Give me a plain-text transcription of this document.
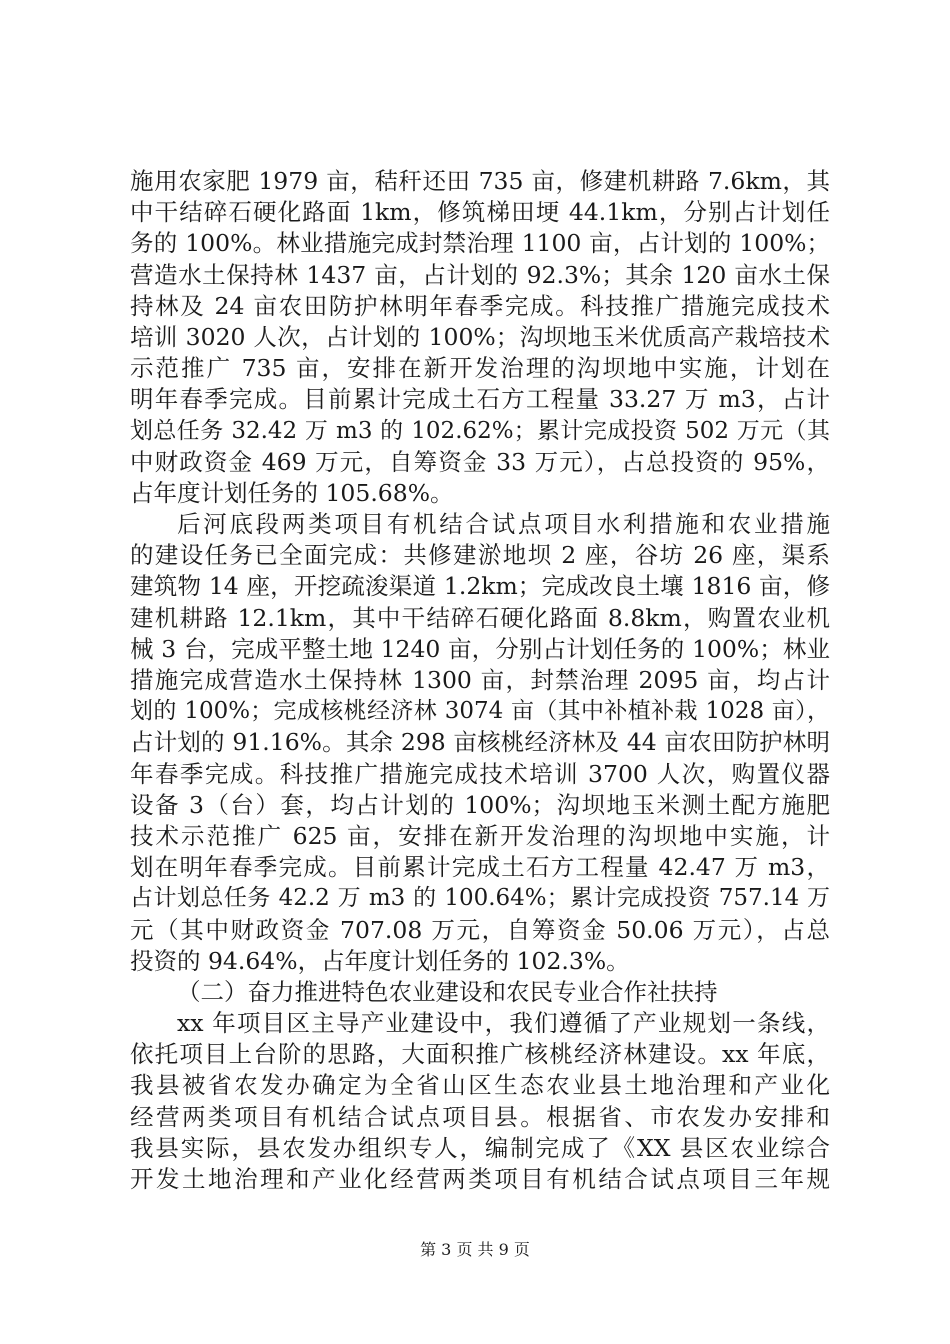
施用农家肥 1979 亩，秸秆还田 735 亩，修建机耕路 7.6km，其
中干结碎石硬化路面 1km，修筑梯田埂 44.1km，分别占计划任
务的 100%。林业措施完成封禁治理 1100 亩，占计划的 100%；
营造水土保持林 1437 亩，占计划的 92.3%；其余 120 亩水土保
持林及 24 亩农田防护林明年春季完成。科技推广措施完成技术
培训 3020 人次，占计划的 100%；沟坝地玉米优质高产栽培技术
示范推广 735 亩，安排在新开发治理的沟坝地中实施，计划在
明年春季完成。目前累计完成土石方工程量 33.27 万 m3，占计
划总任务 32.42 万 m3 的 102.62%；累计完成投资 502 万元（其
中财政资金 469 万元，自筹资金 33 万元），占总投资的 95%，
占年度计划任务的 105.68%。
后河底段两类项目有机结合试点项目水利措施和农业措施
的建设任务已全面完成：共修建淤地坝 2 座，谷坊 26 座，渠系
建筑物 14 座，开挖疏浚渠道 1.2km；完成改良土壤 1816 亩，修
建机耕路 12.1km，其中干结碎石硬化路面 8.8km，购置农业机
械 3 台，完成平整土地 1240 亩，分别占计划任务的 100%；林业
措施完成营造水土保持林 1300 亩，封禁治理 2095 亩，均占计
划的 100%；完成核桃经济林 3074 亩（其中补植补栽 1028 亩），
占计划的 91.16%。其余 298 亩核桃经济林及 44 亩农田防护林明
年春季完成。科技推广措施完成技术培训 3700 人次，购置仪器
设备 3（台）套，均占计划的 100%；沟坝地玉米测土配方施肥
技术示范推广 625 亩，安排在新开发治理的沟坝地中实施，计
划在明年春季完成。目前累计完成土石方工程量 42.47 万 m3，
占计划总任务 42.2 万 m3 的 100.64%；累计完成投资 757.14 万
元（其中财政资金 707.08 万元，自筹资金 50.06 万元），占总
投资的 94.64%，占年度计划任务的 102.3%。
（二）奋力推进特色农业建设和农民专业合作社扶持
xx 年项目区主导产业建设中，我们遵循了产业规划一条线，
依托项目上台阶的思路，大面积推广核桃经济林建设。xx 年底，
我县被省农发办确定为全省山区生态农业县土地治理和产业化
经营两类项目有机结合试点项目县。根据省、市农发办安排和
我县实际，县农发办组织专人，编制完成了《XX 县区农业综合
开发土地治理和产业化经营两类项目有机结合试点项目三年规
第 3 页 共 9 页
